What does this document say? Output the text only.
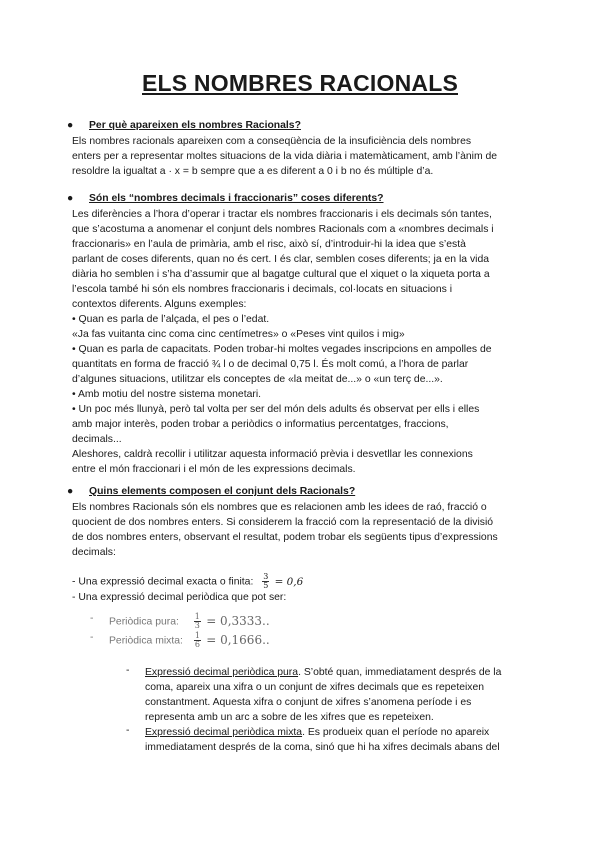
ELS NOMBRES RACIONALS
● Per què apareixen els nombres Racionals?
Els nombres racionals apareixen com a conseqüència de la insuficiència dels nombres
enters per a representar moltes situacions de la vida diària i matemàticament, amb l’ànim de
resoldre la igualtat a · x = b sempre que a es diferent a 0 i b no és múltiple d’a.
● Són els “nombres decimals i fraccionaris” coses diferents?
Les diferències a l’hora d’operar i tractar els nombres fraccionaris i els decimals són tantes,
que s’acostuma a anomenar el conjunt dels nombres Racionals com a «nombres decimals i
fraccionaris» en l’aula de primària, amb el risc, això sí, d’introduir-hi la idea que s’està
parlant de coses diferents, quan no és cert. I és clar, semblen coses diferents; ja en la vida
diària ho semblen i s’ha d’assumir que al bagatge cultural que el xiquet o la xiqueta porta a
l’escola també hi són els nombres fraccionaris i decimals, col·locats en situacions i
contextos diferents. Alguns exemples:
• Quan es parla de l’alçada, el pes o l’edat.
«Ja fas vuitanta cinc coma cinc centímetres» o «Peses vint quilos i mig»
• Quan es parla de capacitats. Poden trobar-hi moltes vegades inscripcions en ampolles de
quantitats en forma de fracció ¾ l o de decimal 0,75 l. És molt comú, a l’hora de parlar
d’algunes situacions, utilitzar els conceptes de «la meitat de...» o «un terç de...».
• Amb motiu del nostre sistema monetari.
• Un poc més llunyà, però tal volta per ser del món dels adults és observat per ells i elles
amb major interès, poden trobar a periòdics o informatius percentatges, fraccions,
decimals...
Aleshores, caldrà recollir i utilitzar aquesta informació prèvia i desvetllar les connexions
entre el món fraccionari i el món de les expressions decimals.
● Quins elements composen el conjunt dels Racionals?
Els nombres Racionals són els nombres que es relacionen amb les idees de raó, fracció o
quocient de dos nombres enters. Si considerem la fracció com la representació de la divisió
de dos nombres enters, observant el resultat, podem trobar els següents tipus d’expressions
decimals:
- Una expressió decimal exacta o finita: $\frac{3}{5} = 0,6$
- Una expressió decimal periòdica que pot ser:
- Periòdica pura: $\frac{1}{3} = 0,3333$..
- Periòdica mixta: $\frac{1}{6} = 0,1666$..
- Expressió decimal periòdica pura. S’obté quan, immediatament després de la
coma, apareix una xifra o un conjunt de xifres decimals que es repeteixen
constantment. Aquesta xifra o conjunt de xifres s’anomena període i es
representa amb un arc a sobre de les xifres que es repeteixen.
- Expressió decimal periòdica mixta. Es produeix quan el període no apareix
immediatament després de la coma, sinó que hi ha xifres decimals abans del
